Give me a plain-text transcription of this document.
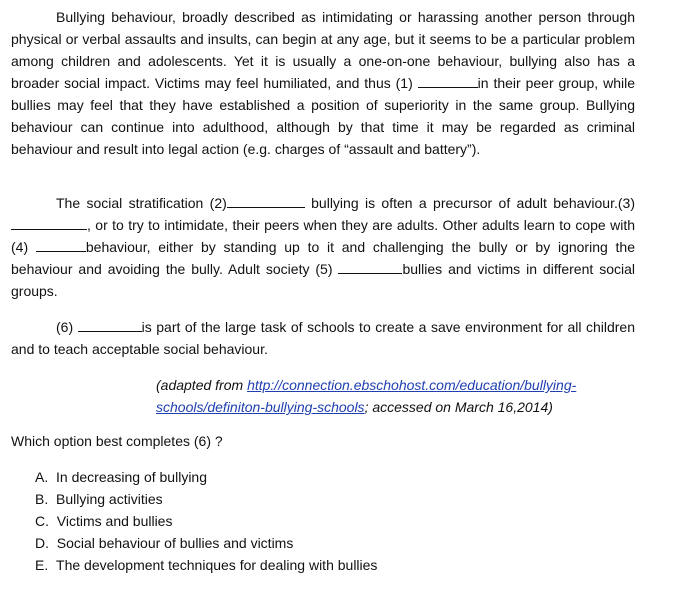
Bullying behaviour, broadly described as intimidating or harassing another person through physical or verbal assaults and insults, can begin at any age, but it seems to be a particular problem among children and adolescents. Yet it is usually a one-on-one behaviour, bullying also has a broader social impact. Victims may feel humiliated, and thus (1)	in their peer group, while bullies may feel that they have established a position of superiority in the same group. Bullying behaviour can continue into adulthood, although by that time it may be regarded as criminal behaviour and result into legal action (e.g. charges of “assault and battery”).

The social stratification (2)	bullying is often a precursor of adult behaviour.(3), or to try to intimidate, their peers when they are adults. Other adults learn to cope with (4)	behaviour, either by standing up to it and challenging the bully or by ignoring the behaviour and avoiding the bully. Adult society (5)	bullies and victims in different social groups.

(6)	is part of the large task of schools to create a save environment for all children and to teach acceptable social behaviour.

(adapted from http://connection.ebschohost.com/education/bullying-schools/definiton-bullying-schools; accessed on March 16,2014)

Which option best completes (6) ?

A. In decreasing of bullying
B. Bullying activities
C. Victims and bullies
D. Social behaviour of bullies and victims
E. The development techniques for dealing with bullies
